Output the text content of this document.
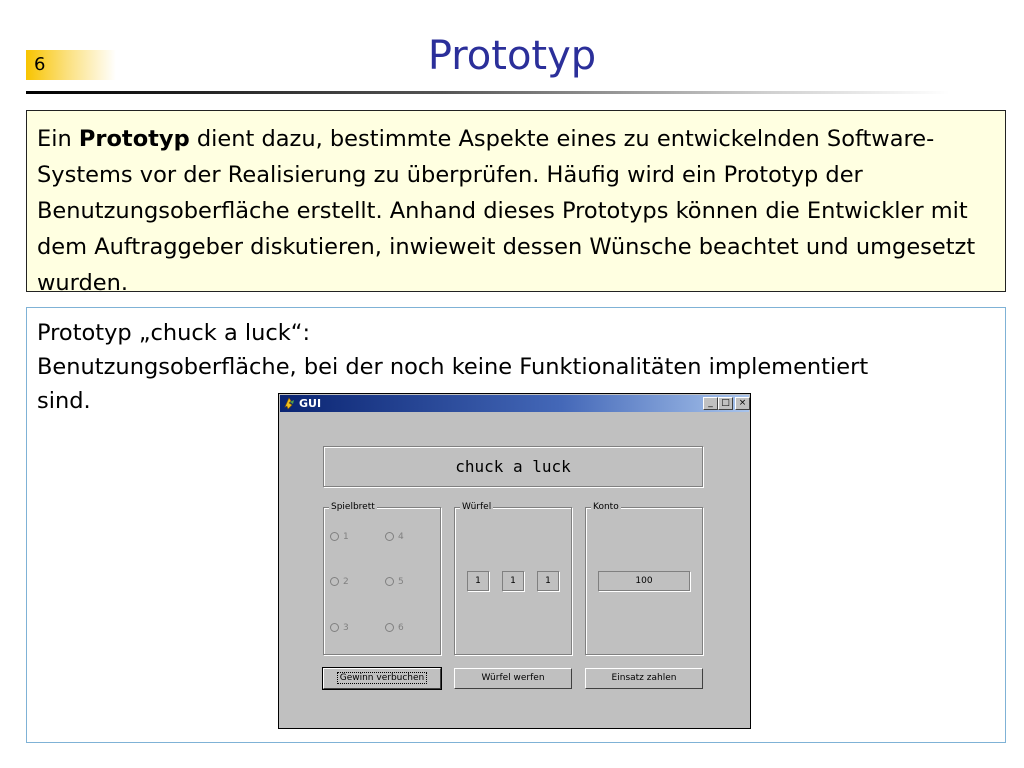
6	Prototyp
Ein Prototyp dient dazu, bestimmte Aspekte eines zu entwickelnden Software-Systems vor der Realisierung zu überprüfen. Häufig wird ein Prototyp der Benutzungsoberfläche erstellt. Anhand dieses Prototyps können die Entwickler mit dem Auftraggeber diskutieren, inwieweit dessen Wünsche beachtet und umgesetzt wurden.
Prototyp „chuck a luck“:
Benutzungsoberfläche, bei der noch keine Funktionalitäten implementiert
sind.	GUI	_ □ ×
chuck a luck
Spielbrett
1
2
3
4
5
6
Würfel
1	1	1
Konto
100
Gewinn verbuchen	Würfel werfen	Einsatz zahlen
